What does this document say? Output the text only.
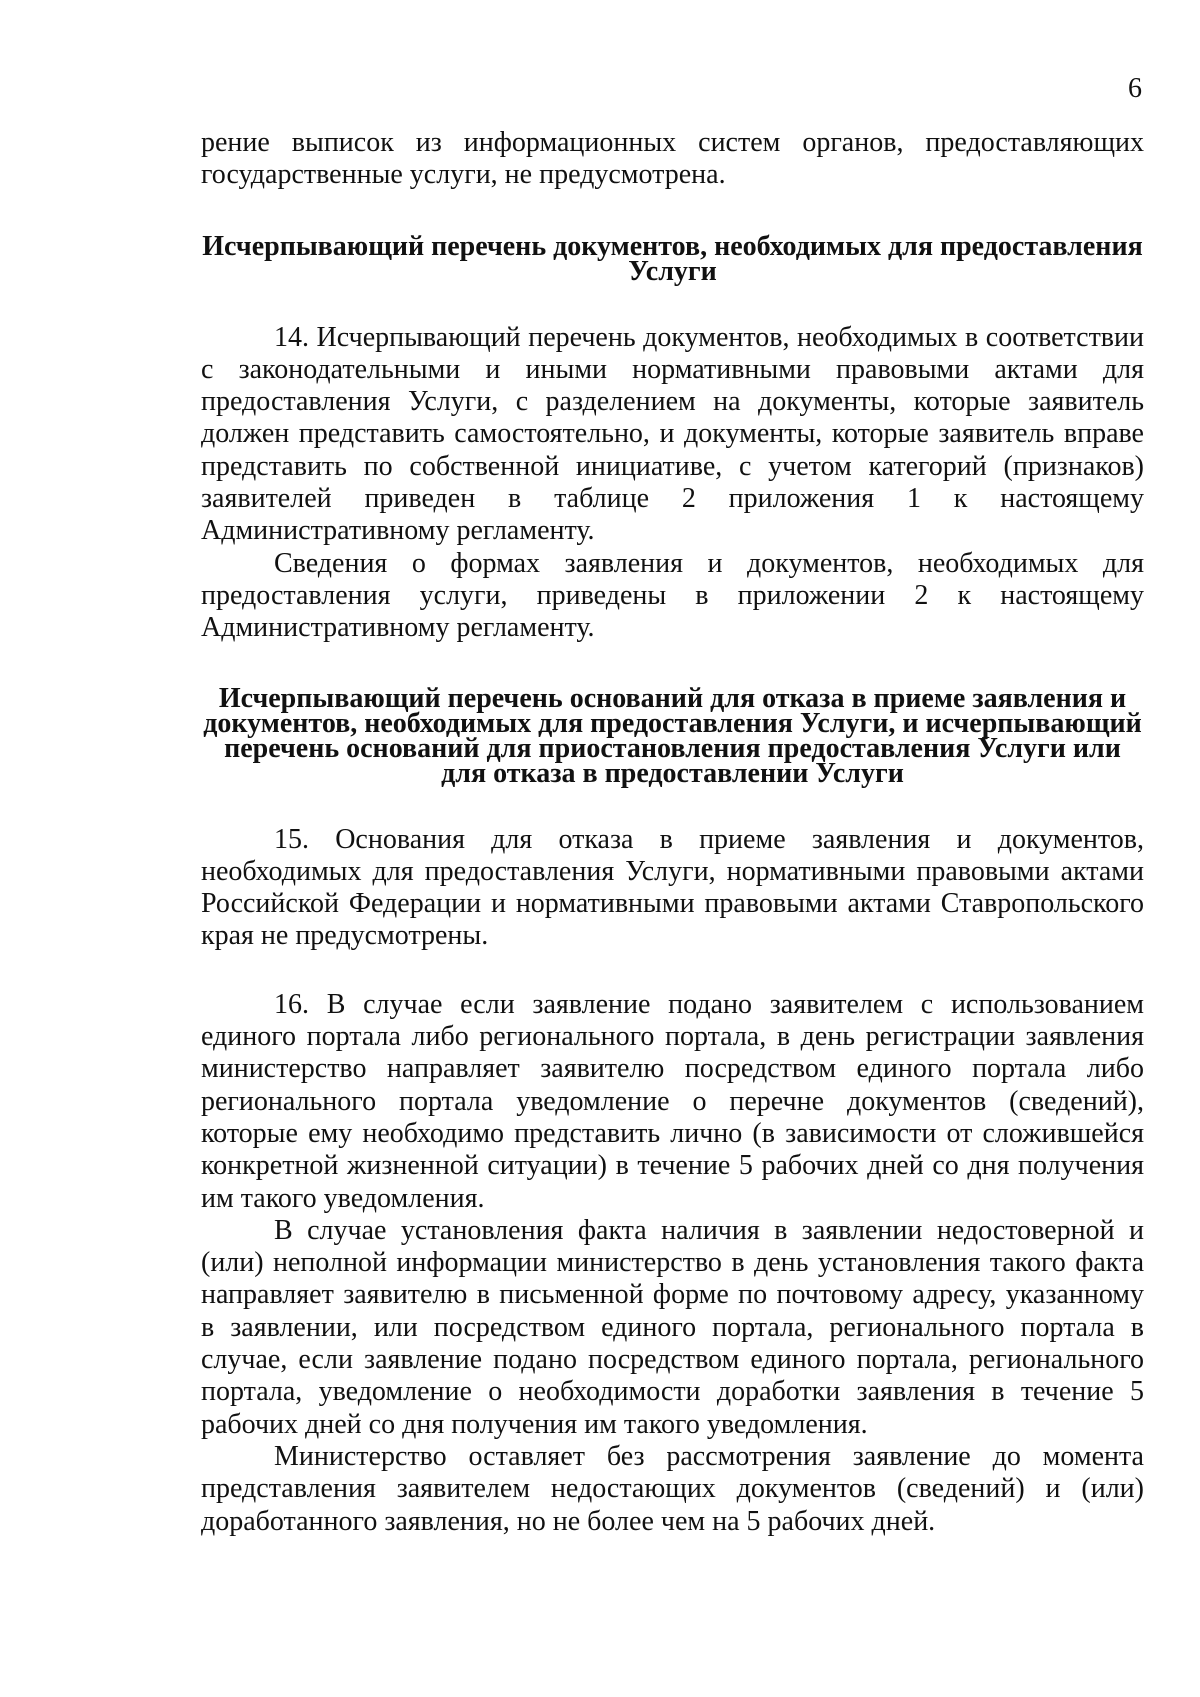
6

рение выписок из информационных систем органов, предоставляющих государственные услуги, не предусмотрена.

Исчерпывающий перечень документов, необходимых для предоставления Услуги

14. Исчерпывающий перечень документов, необходимых в соответствии с законодательными и иными нормативными правовыми актами для предоставления Услуги, с разделением на документы, которые заявитель должен представить самостоятельно, и документы, которые заявитель вправе представить по собственной инициативе, с учетом категорий (признаков) заявителей приведен в таблице 2 приложения 1 к настоящему Административному регламенту.

Сведения о формах заявления и документов, необходимых для предоставления услуги, приведены в приложении 2 к настоящему Административному регламенту.

Исчерпывающий перечень оснований для отказа в приеме заявления и документов, необходимых для предоставления Услуги, и исчерпывающий перечень оснований для приостановления предоставления Услуги или для отказа в предоставлении Услуги

15. Основания для отказа в приеме заявления и документов, необходимых для предоставления Услуги, нормативными правовыми актами Российской Федерации и нормативными правовыми актами Ставропольского края не предусмотрены.

16. В случае если заявление подано заявителем с использованием единого портала либо регионального портала, в день регистрации заявления министерство направляет заявителю посредством единого портала либо регионального портала уведомление о перечне документов (сведений), которые ему необходимо представить лично (в зависимости от сложившейся конкретной жизненной ситуации) в течение 5 рабочих дней со дня получения им такого уведомления.

В случае установления факта наличия в заявлении недостоверной и (или) неполной информации министерство в день установления такого факта направляет заявителю в письменной форме по почтовому адресу, указанному в заявлении, или посредством единого портала, регионального портала в случае, если заявление подано посредством единого портала, регионального портала, уведомление о необходимости доработки заявления в течение 5 рабочих дней со дня получения им такого уведомления.

Министерство оставляет без рассмотрения заявление до момента представления заявителем недостающих документов (сведений) и (или) доработанного заявления, но не более чем на 5 рабочих дней.
